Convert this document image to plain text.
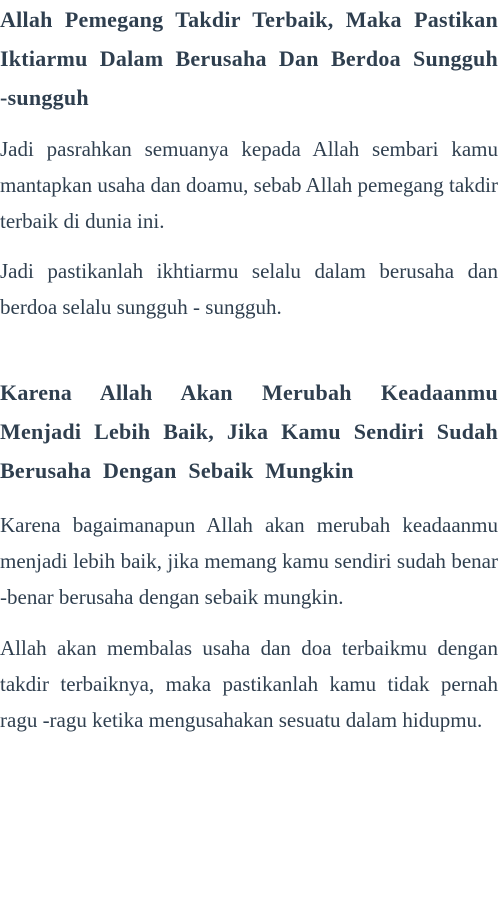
Allah Pemegang Takdir Terbaik, Maka Pastikan Iktiarmu Dalam Berusaha Dan Berdoa Sungguh -sungguh

Jadi pasrahkan semuanya kepada Allah sembari kamu mantapkan usaha dan doamu, sebab Allah pemegang takdir terbaik di dunia ini.

Jadi pastikanlah ikhtiarmu selalu dalam berusaha dan berdoa selalu sungguh - sungguh.

Karena Allah Akan Merubah Keadaanmu Menjadi Lebih Baik, Jika Kamu Sendiri Sudah Berusaha Dengan Sebaik Mungkin

Karena bagaimanapun Allah akan merubah keadaanmu menjadi lebih baik, jika memang kamu sendiri sudah benar -benar berusaha dengan sebaik mungkin.

Allah akan membalas usaha dan doa terbaikmu dengan takdir terbaiknya, maka pastikanlah kamu tidak pernah ragu -ragu ketika mengusahakan sesuatu dalam hidupmu.
